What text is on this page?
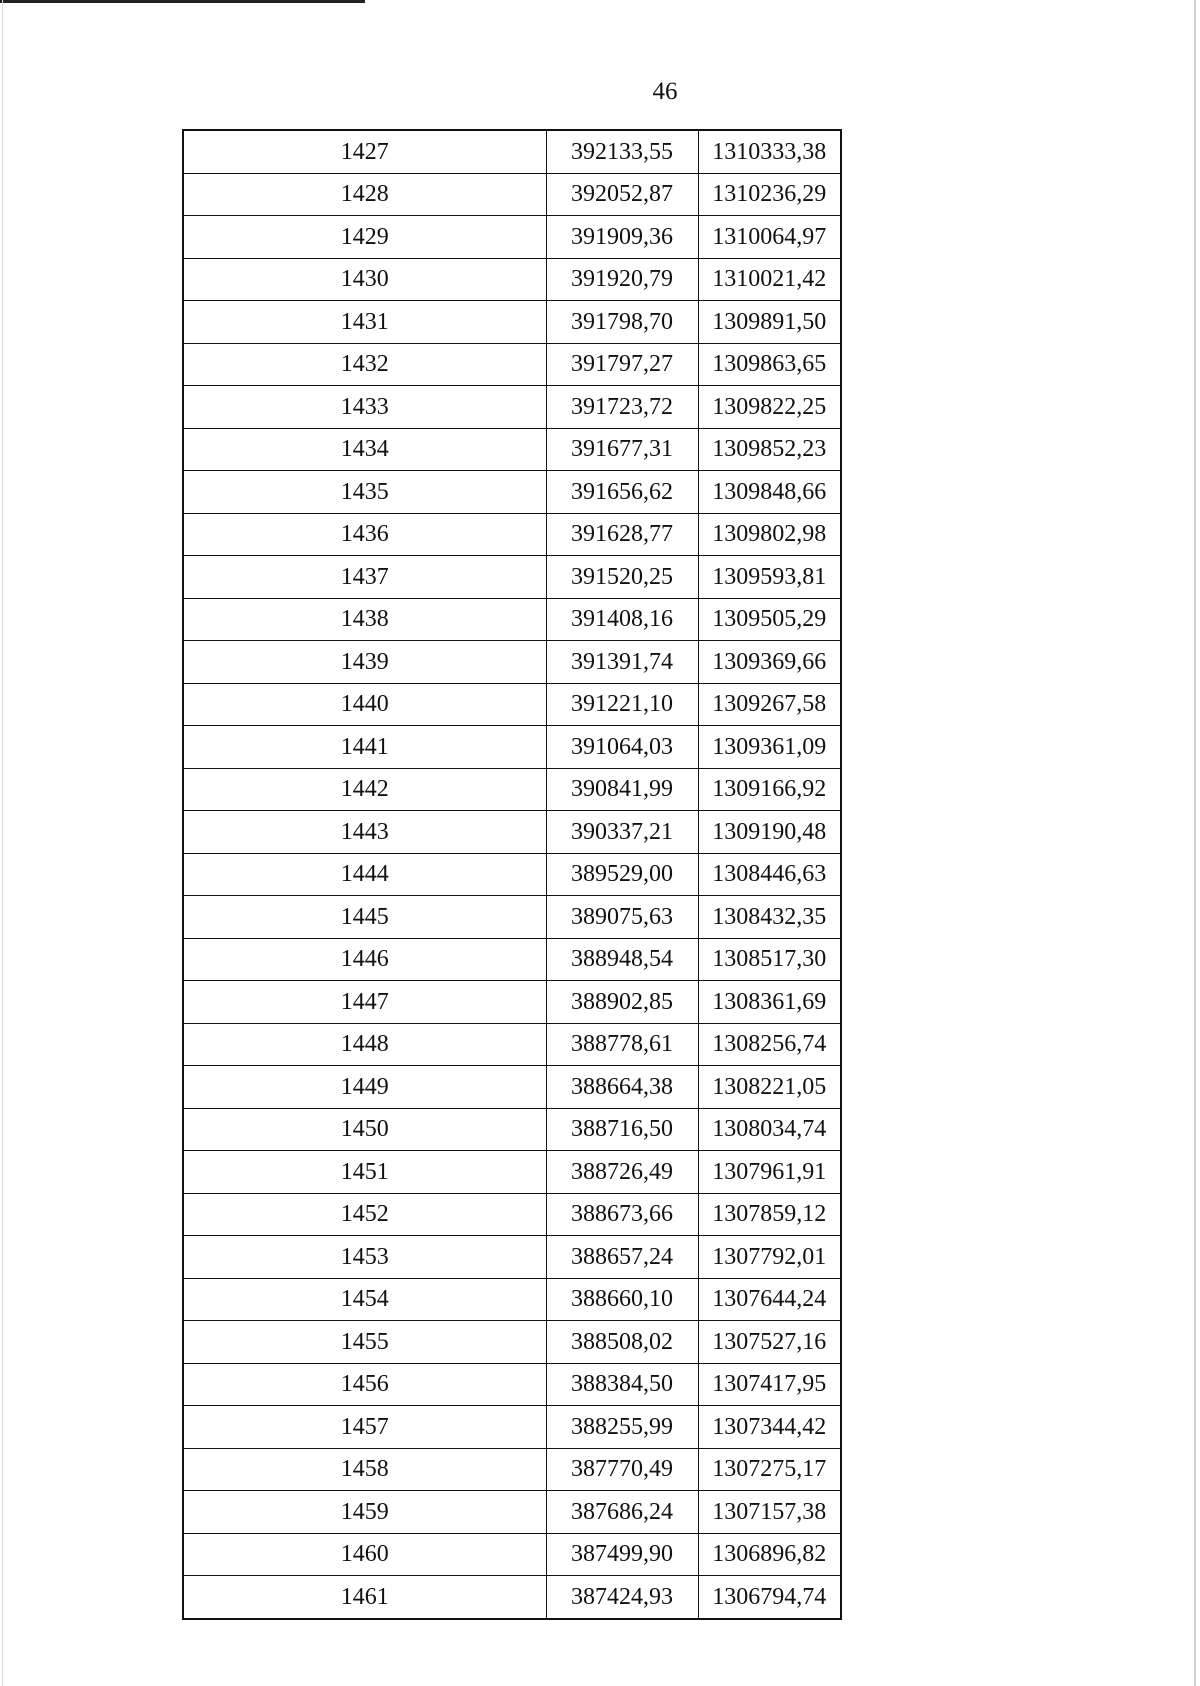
46
1427	392133,55	1310333,38
1428	392052,87	1310236,29
1429	391909,36	1310064,97
1430	391920,79	1310021,42
1431	391798,70	1309891,50
1432	391797,27	1309863,65
1433	391723,72	1309822,25
1434	391677,31	1309852,23
1435	391656,62	1309848,66
1436	391628,77	1309802,98
1437	391520,25	1309593,81
1438	391408,16	1309505,29
1439	391391,74	1309369,66
1440	391221,10	1309267,58
1441	391064,03	1309361,09
1442	390841,99	1309166,92
1443	390337,21	1309190,48
1444	389529,00	1308446,63
1445	389075,63	1308432,35
1446	388948,54	1308517,30
1447	388902,85	1308361,69
1448	388778,61	1308256,74
1449	388664,38	1308221,05
1450	388716,50	1308034,74
1451	388726,49	1307961,91
1452	388673,66	1307859,12
1453	388657,24	1307792,01
1454	388660,10	1307644,24
1455	388508,02	1307527,16
1456	388384,50	1307417,95
1457	388255,99	1307344,42
1458	387770,49	1307275,17
1459	387686,24	1307157,38
1460	387499,90	1306896,82
1461	387424,93	1306794,74
